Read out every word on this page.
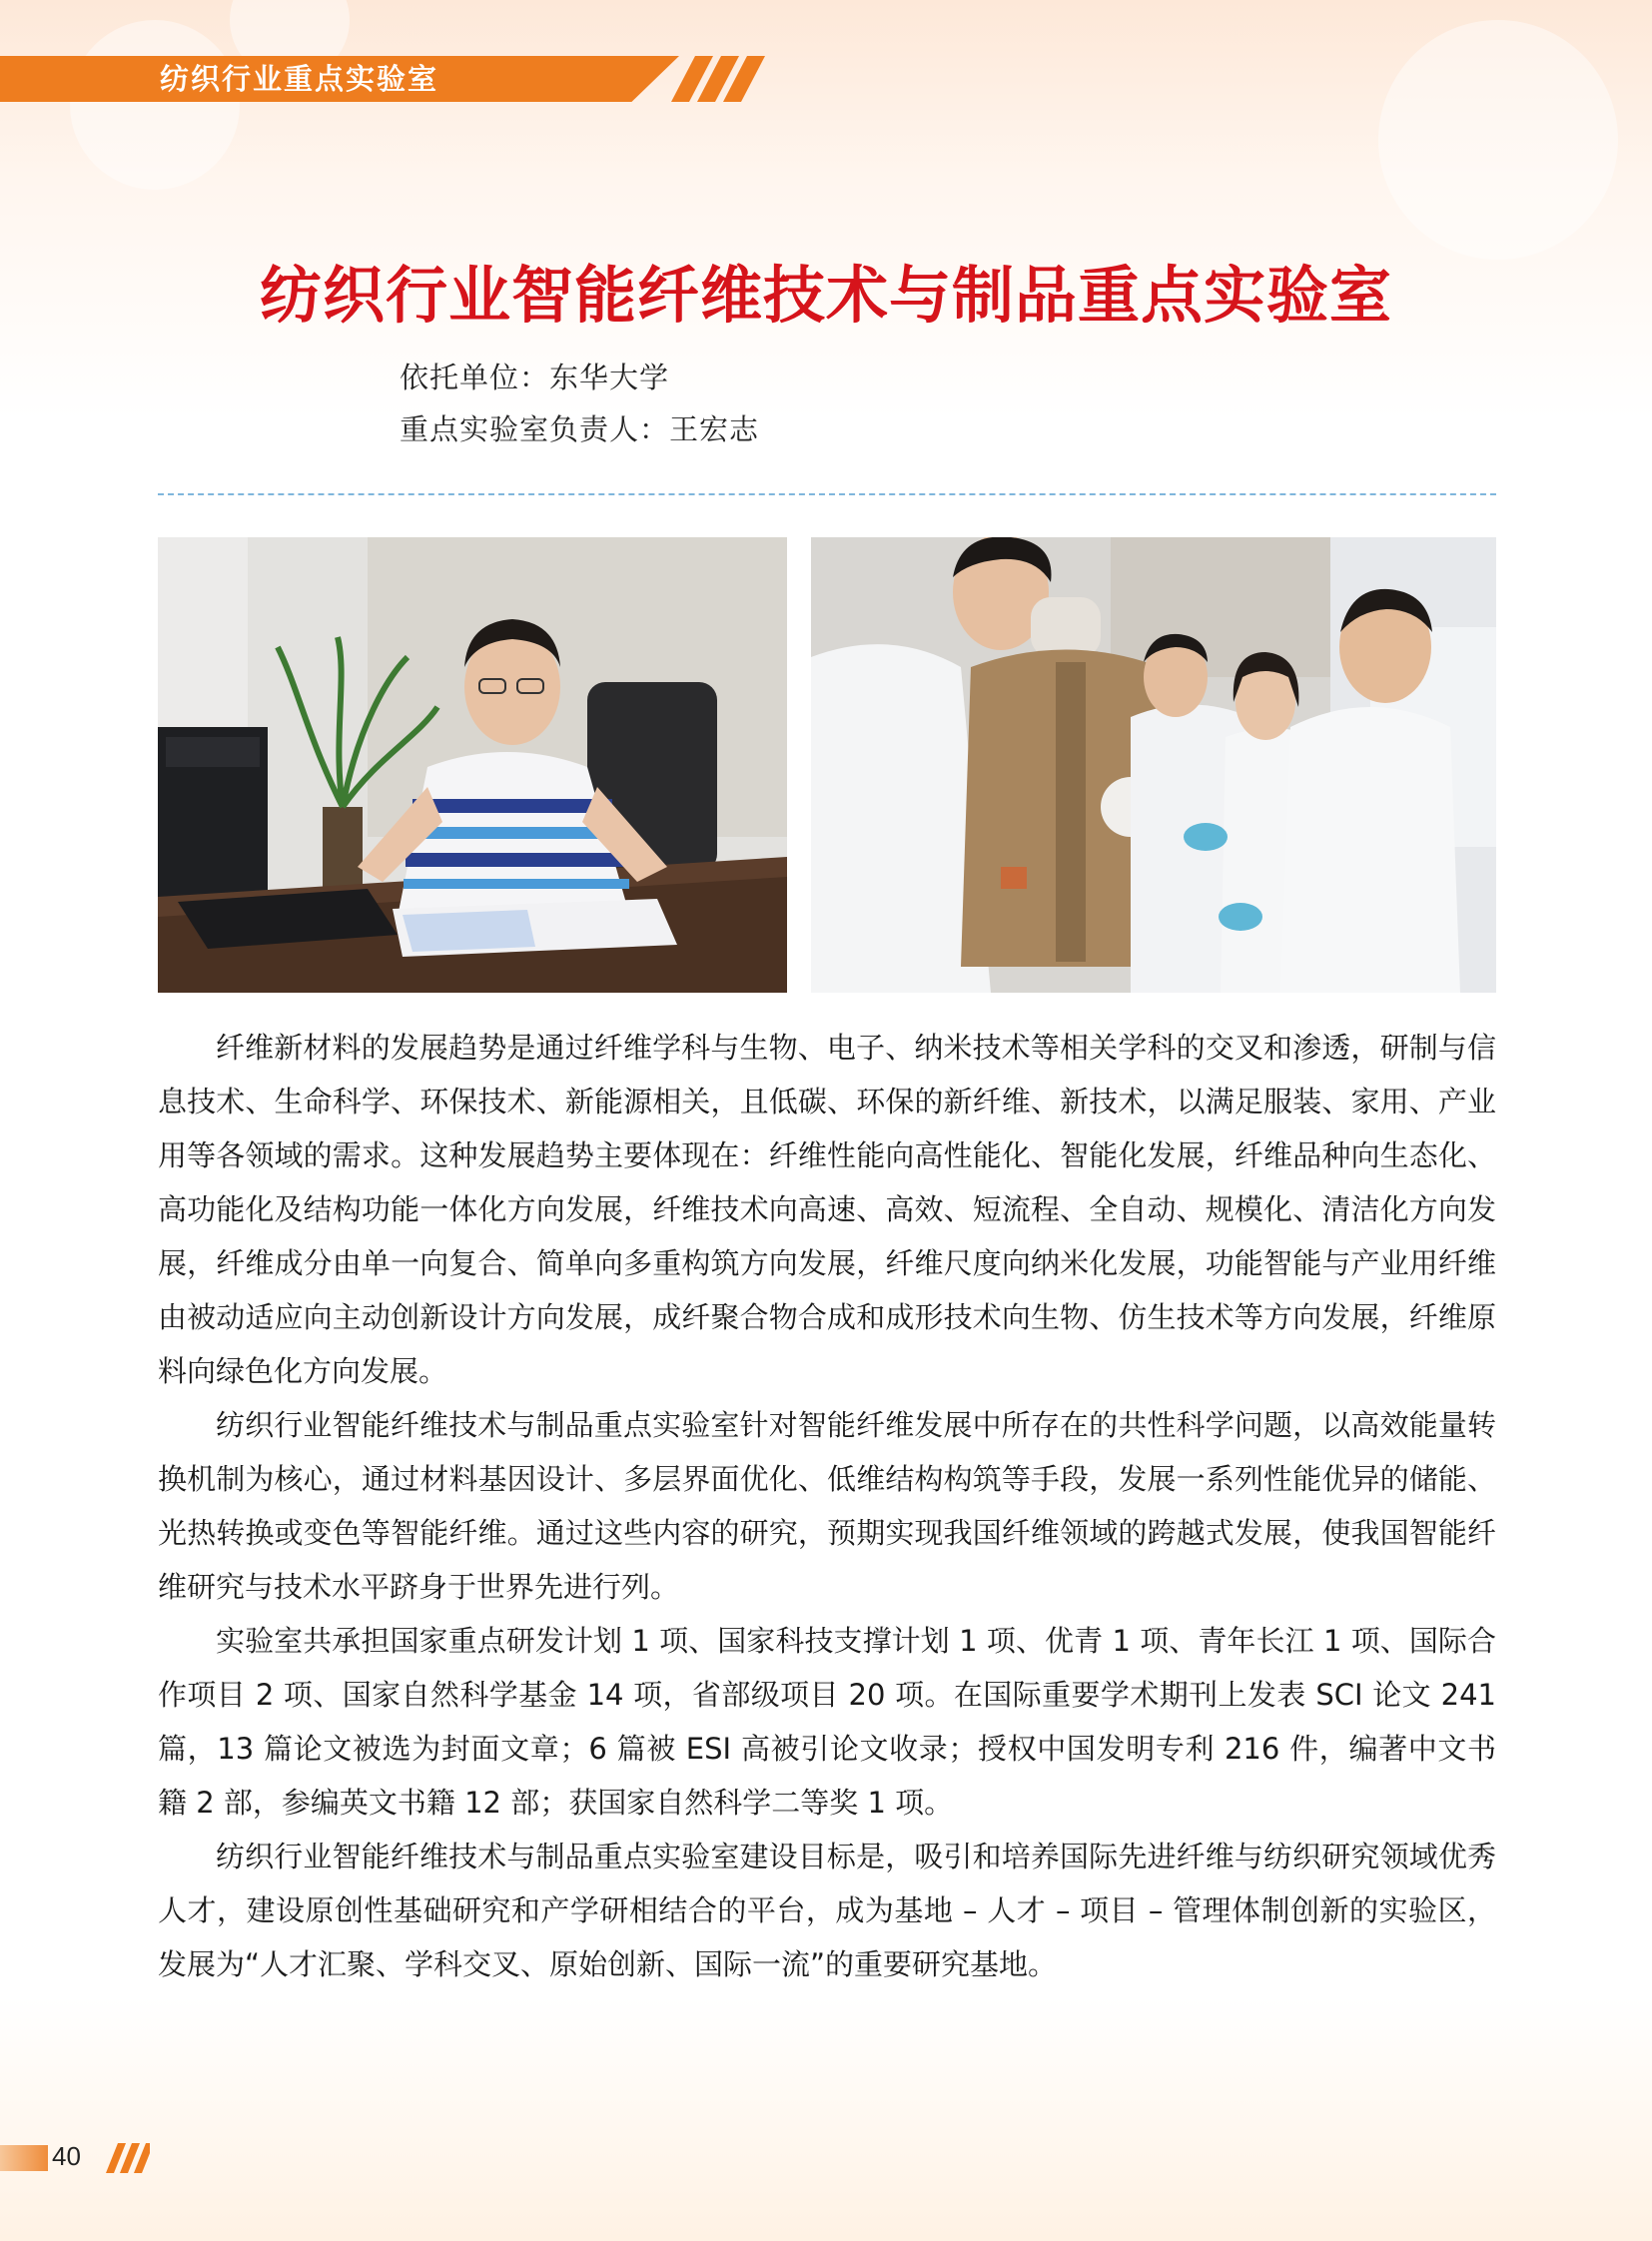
纺织行业重点实验室
纺织行业智能纤维技术与制品重点实验室
依托单位：东华大学
重点实验室负责人：王宏志

纤维新材料的发展趋势是通过纤维学科与生物、电子、纳米技术等相关学科的交叉和渗透，研制与信息技术、生命科学、环保技术、新能源相关，且低碳、环保的新纤维、新技术，以满足服装、家用、产业用等各领域的需求。这种发展趋势主要体现在：纤维性能向高性能化、智能化发展，纤维品种向生态化、高功能化及结构功能一体化方向发展，纤维技术向高速、高效、短流程、全自动、规模化、清洁化方向发展，纤维成分由单一向复合、简单向多重构筑方向发展，纤维尺度向纳米化发展，功能智能与产业用纤维由被动适应向主动创新设计方向发展，成纤聚合物合成和成形技术向生物、仿生技术等方向发展，纤维原料向绿色化方向发展。

纺织行业智能纤维技术与制品重点实验室针对智能纤维发展中所存在的共性科学问题，以高效能量转换机制为核心，通过材料基因设计、多层界面优化、低维结构构筑等手段，发展一系列性能优异的储能、光热转换或变色等智能纤维。通过这些内容的研究，预期实现我国纤维领域的跨越式发展，使我国智能纤维研究与技术水平跻身于世界先进行列。

实验室共承担国家重点研发计划 1 项、国家科技支撑计划 1 项、优青 1 项、青年长江 1 项、国际合作项目 2 项、国家自然科学基金 14 项，省部级项目 20 项。在国际重要学术期刊上发表 SCI 论文 241 篇，13 篇论文被选为封面文章；6 篇被 ESI 高被引论文收录；授权中国发明专利 216 件，编著中文书籍 2 部，参编英文书籍 12 部；获国家自然科学二等奖 1 项。

纺织行业智能纤维技术与制品重点实验室建设目标是，吸引和培养国际先进纤维与纺织研究领域优秀人才，建设原创性基础研究和产学研相结合的平台，成为基地 – 人才 – 项目 – 管理体制创新的实验区，发展为“人才汇聚、学科交叉、原始创新、国际一流”的重要研究基地。

40
